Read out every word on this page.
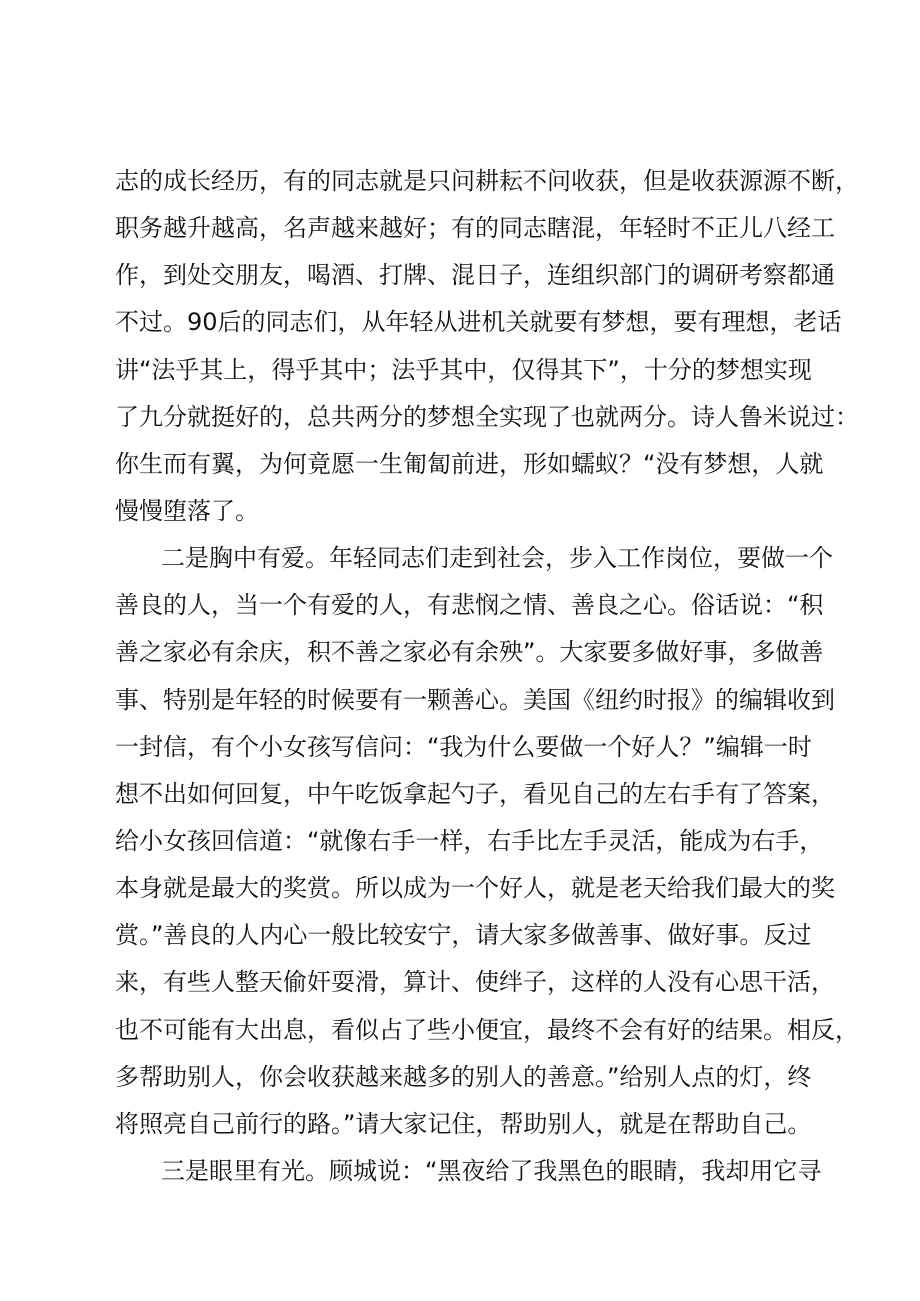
志的成长经历，有的同志就是只问耕耘不问收获，但是收获源源不断，
职务越升越高，名声越来越好；有的同志瞎混，年轻时不正儿八经工
作，到处交朋友，喝酒、打牌、混日子，连组织部门的调研考察都通
不过。90后的同志们，从年轻从进机关就要有梦想，要有理想，老话
讲“法乎其上，得乎其中；法乎其中，仅得其下”，十分的梦想实现
了九分就挺好的，总共两分的梦想全实现了也就两分。诗人鲁米说过：
你生而有翼，为何竟愿一生匍匐前进，形如蠕蚁？“没有梦想，人就
慢慢堕落了。
二是胸中有爱。年轻同志们走到社会，步入工作岗位，要做一个
善良的人，当一个有爱的人，有悲悯之情、善良之心。俗话说：“积
善之家必有余庆，积不善之家必有余殃”。大家要多做好事，多做善
事、特别是年轻的时候要有一颗善心。美国《纽约时报》的编辑收到
一封信，有个小女孩写信问：“我为什么要做一个好人？”编辑一时
想不出如何回复，中午吃饭拿起勺子，看见自己的左右手有了答案，
给小女孩回信道：“就像右手一样，右手比左手灵活，能成为右手，
本身就是最大的奖赏。所以成为一个好人，就是老天给我们最大的奖
赏。”善良的人内心一般比较安宁，请大家多做善事、做好事。反过
来，有些人整天偷奸耍滑，算计、使绊子，这样的人没有心思干活，
也不可能有大出息，看似占了些小便宜，最终不会有好的结果。相反，
多帮助别人，你会收获越来越多的别人的善意。”给别人点的灯，终
将照亮自己前行的路。”请大家记住，帮助别人，就是在帮助自己。
三是眼里有光。顾城说：“黑夜给了我黑色的眼睛，我却用它寻
